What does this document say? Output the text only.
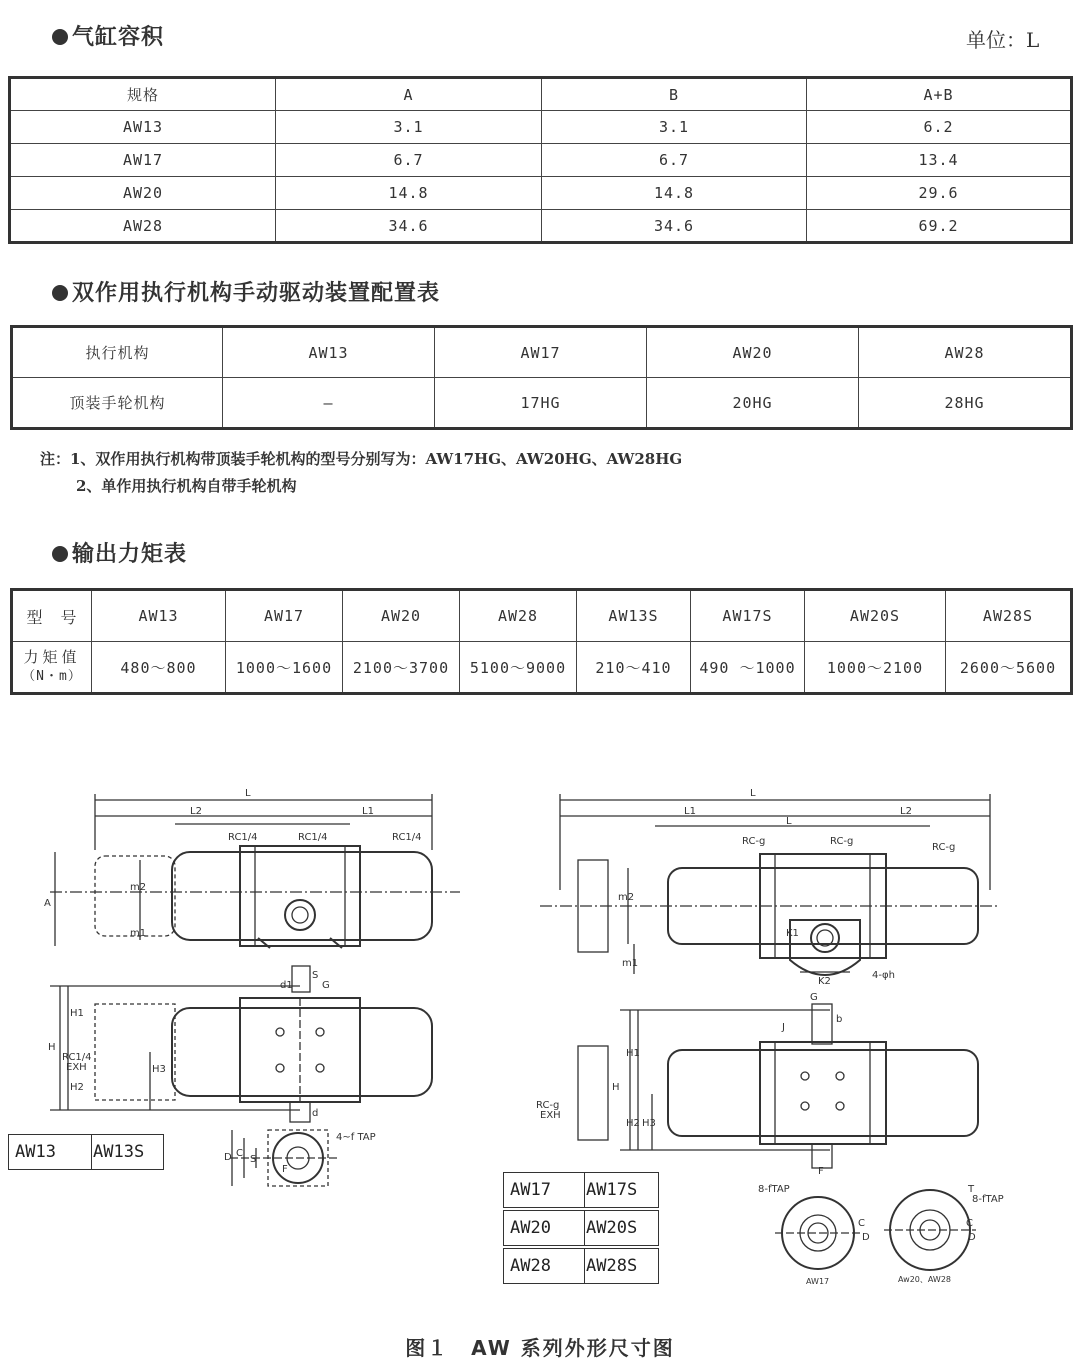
气缸容积	单位：L
规格	A	B	A+B
AW13	3.1	3.1	6.2
AW17	6.7	6.7	13.4
AW20	14.8	14.8	29.6
AW28	34.6	34.6	69.2
双作用执行机构手动驱动装置配置表
执行机构	AW13	AW17	AW20	AW28
顶装手轮机构	—	17HG	20HG	28HG
注：1、双作用执行机构带顶装手轮机构的型号分别写为：AW17HG、AW20HG、AW28HG
2、单作用执行机构自带手轮机构
输出力矩表
型　号	AW13	AW17	AW20	AW28	AW13S	AW17S	AW20S	AW28S

力矩值
（N・m）	480～800	1000～1600	2100～3700	5100～9000	210～410	490 ～1000	1000～2100	2600～5600
L
L2	L1
RC1/4	RC1/4	RC1/4
A
m2
m1
S
d1	G
H
H1
H2
H3
RC1/4
EXH
d
4~f TAP
D C
S
F
L
L1	L2
L
RC-g	RC-g
RC-g
m2
m1
K1
K2
4-φh
G
b
J
H
H1
H2 H3
RC-g
EXH
F
8-fTAP	T
8-fTAP
C
D
C
D
AW17	Aw20、AW28
AW13	AW13S
AW17	AW17S
AW20	AW20S
AW28	AW28S
图１　AW 系列外形尺寸图
